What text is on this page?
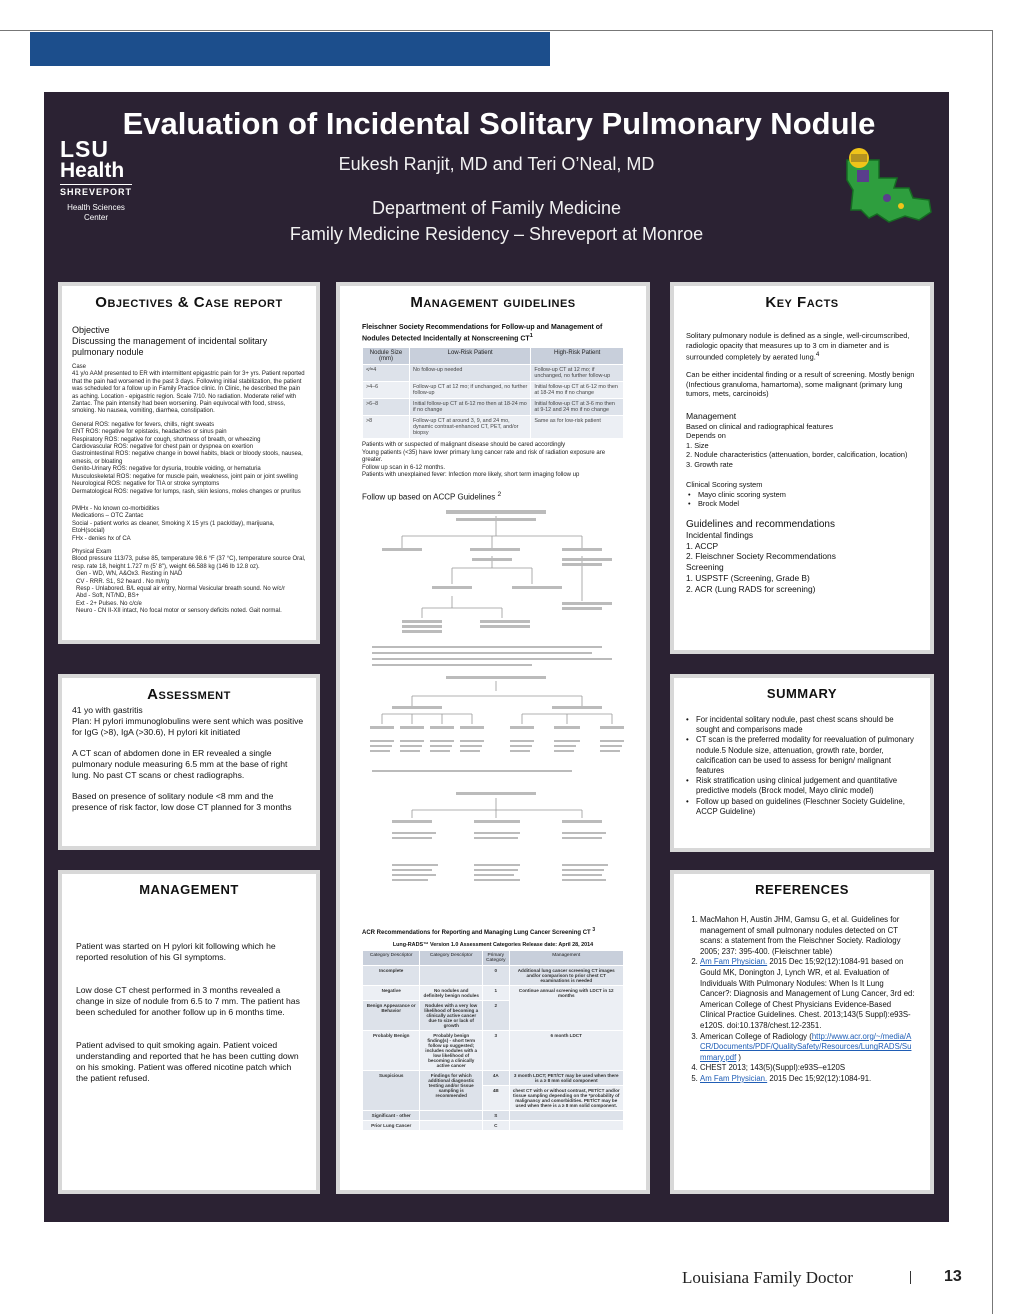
Evaluation of Incidental Solitary Pulmonary Nodule
LSU
Health
SHREVEPORT
Health Sciences Center
Eukesh Ranjit, MD and Teri O’Neal, MD
Department of Family Medicine
Family Medicine Residency – Shreveport at Monroe
Objectives & Case report
Objective
Discussing the management of incidental solitary pulmonary nodule
Case
41 y/o AAM presented to ER with intermittent epigastric pain for 3+ yrs. Patient reported that the pain had worsened in the past 3 days. Following initial stabilization, the patient was scheduled for a follow up in Family Practice clinic. In Clinic, he described the pain as aching. Location - epigastric region. Scale 7/10. No radiation. Moderate relief with Zantac. The pain intensity had been worsening. Pain equivocal with food, stress, smoking. No nausea, vomiting, diarrhea, constipation.
General ROS: negative for fevers, chills, night sweats
ENT ROS: negative for epistaxis, headaches or sinus pain
Respiratory ROS: negative for cough, shortness of breath, or wheezing
Cardiovascular ROS: negative for chest pain or dyspnea on exertion
Gastrointestinal ROS: negative change in bowel habits, black or bloody stools, nausea, emesis, or bloating
Genito-Urinary ROS: negative for dysuria, trouble voiding, or hematuria
Musculoskeletal ROS: negative for muscle pain, weakness, joint pain or joint swelling
Neurological ROS: negative for TIA or stroke symptoms
Dermatological ROS: negative for lumps, rash, skin lesions, moles changes or pruritus
PMHx - No known co-morbidities
Medications – OTC Zantac
Social - patient works as cleaner, Smoking X 15 yrs (1 pack/day), marijuana, EtoH(social)
FHx - denies hx of CA
Physical Exam
Blood pressure 113/73, pulse 85, temperature 98.6 °F (37 °C), temperature source Oral, resp. rate 18, height 1.727 m (5' 8"), weight 66.588 kg (146 lb 12.8 oz).
Gen - WD, WN, A&Ox3. Resting in NAD
CV - RRR. S1, S2 heard . No m/r/g
Resp - Unlabored. B/L equal air entry, Normal Vesicular breath sound. No w/c/r
Abd - Soft, NT/ND, BS+
Ext - 2+ Pulses. No c/c/e
Neuro - CN II-XII intact, No focal motor or sensory deficits noted. Gait normal.
Management guidelines
Fleischner Society Recommendations for Follow-up and Management of Nodules Detected Incidentally at Nonscreening $CT^1$
Nodule Size (mm)	Low-Risk Patient	High-Risk Patient
<⁄=4	No follow-up needed	Follow-up CT at 12 mo; if unchanged, no further follow-up
>4–6	Follow-up CT at 12 mo; if unchanged, no further follow-up	Initial follow-up CT at 6-12 mo then at 18-24 mo if no change
>6–8	Initial follow-up CT at 6-12 mo then at 18-24 mo if no change	Initial follow-up CT at 3-6 mo then at 9-12 and 24 mo if no change
>8	Follow-up CT at around 3, 9, and 24 mo, dynamic contrast-enhanced CT, PET, and/or biopsy	Same as for low-risk patient
Patients with or suspected of malignant disease should be cared accordingly
Young patients (<35) have lower primary lung cancer rate and risk of radiation exposure are greater.
Follow up scan in 6-12 months.
Patients with unexplained fever: Infection more likely, short term imaging follow up
Follow up based on ACCP Guidelines $^2$
ACR Recommendations for Reporting and Managing Lung Cancer Screening CT $^3$
Lung-RADS™ Version 1.0 Assessment Categories Release date: April 28, 2014
Category Descriptor	Category Descriptor	Primary Category	Management
Incomplete		0	Additional lung cancer screening CT images and/or comparison to prior chest CT examinations is needed
Negative	No nodules and definitely benign nodules	1	Continue annual screening with LDCT in 12 months
Benign Appearance or Behavior	Nodules with a very low likelihood of becoming a clinically active cancer due to size or lack of growth	2	
Probably Benign	Probably benign finding(s) - short term follow up suggested; includes nodules with a low likelihood of becoming a clinically active cancer	3	6 month LDCT
Suspicious	Findings for which additional diagnostic testing and/or tissue sampling is recommended	4A	3 month LDCT; PET/CT may be used when there is a ≥ 8 mm solid component
		4B	chest CT with or without contrast, PET/CT and/or tissue sampling depending on the *probability of malignancy and comorbidities. PET/CT may be used when there is a ≥ 8 mm solid component.
Significant - other		S	
Prior Lung Cancer		C	
Key Facts
Solitary pulmonary nodule is defined as a single, well-circumscribed, radiologic opacity that measures up to 3 cm in diameter and is surrounded completely by aerated lung.$^4$
Can be either incidental finding or a result of screening. Mostly benign (Infectious granuloma, hamartoma), some malignant (primary lung tumors, mets, carcinoids)
Management
Based on clinical and radiographical features
Depends on
1. Size
2. Nodule characteristics (attenuation, border, calcification, location)
3. Growth rate
Clinical Scoring system
• Mayo clinic scoring system
• Brock Model
Guidelines and recommendations
Incidental findings
1. ACCP
2. Fleischner Society Recommendations
Screening
1. USPSTF (Screening, Grade B)
2. ACR (Lung RADS for screening)
Assessment
41 yo with gastritis
Plan: H pylori immunoglobulins were sent which was positive for IgG (>8), IgA (>30.6), H pylori kit initiated
A CT scan of abdomen done in ER revealed a single pulmonary nodule measuring 6.5 mm at the base of right lung. No past CT scans or chest radiographs.
Based on presence of solitary nodule <8 mm and the presence of risk factor, low dose CT planned for 3 months
SUMMARY
• For incidental solitary nodule, past chest scans should be sought and comparisons made
• CT scan is the preferred modality for reevaluation of pulmonary nodule.5 Nodule size, attenuation, growth rate, border, calcification can be used to assess for benign/ malignant features
• Risk stratification using clinical judgement and quantitative predictive models (Brock model, Mayo clinic model)
• Follow up based on guidelines (Fleschner Society Guideline, ACCP Guideline)
MANAGEMENT
Patient was started on H pylori kit following which he reported resolution of his GI symptoms.
Low dose CT chest performed in 3 months revealed a change in size of nodule from 6.5 to 7 mm. The patient has been scheduled for another follow up in 6 months time.
Patient advised to quit smoking again. Patient voiced understanding and reported that he has been cutting down on his smoking. Patient was offered nicotine patch which the patient refused.
REFERENCES
1. MacMahon H, Austin JHM, Gamsu G, et al. Guidelines for management of small pulmonary nodules detected on CT scans: a statement from the Fleischner Society. Radiology 2005; 237: 395-400. (Fleischner table)
2. Am Fam Physician. 2015 Dec 15;92(12):1084-91 based on Gould MK, Donington J, Lynch WR, et al. Evaluation of Individuals With Pulmonary Nodules: When Is It Lung Cancer?: Diagnosis and Management of Lung Cancer, 3rd ed: American College of Chest Physicians Evidence-Based Clinical Practice Guidelines. Chest. 2013;143(5 Suppl):e93S-e120S. doi:10.1378/chest.12-2351.
3. American College of Radiology (http://www.acr.org/~/media/ACR/Documents/PDF/QualitySafety/Resources/LungRADS/Summary.pdf )
4. CHEST 2013; 143(5)(Suppl):e93S–e120S
5. Am Fam Physician. 2015 Dec 15;92(12):1084-91.
Louisiana Family Doctor	13
